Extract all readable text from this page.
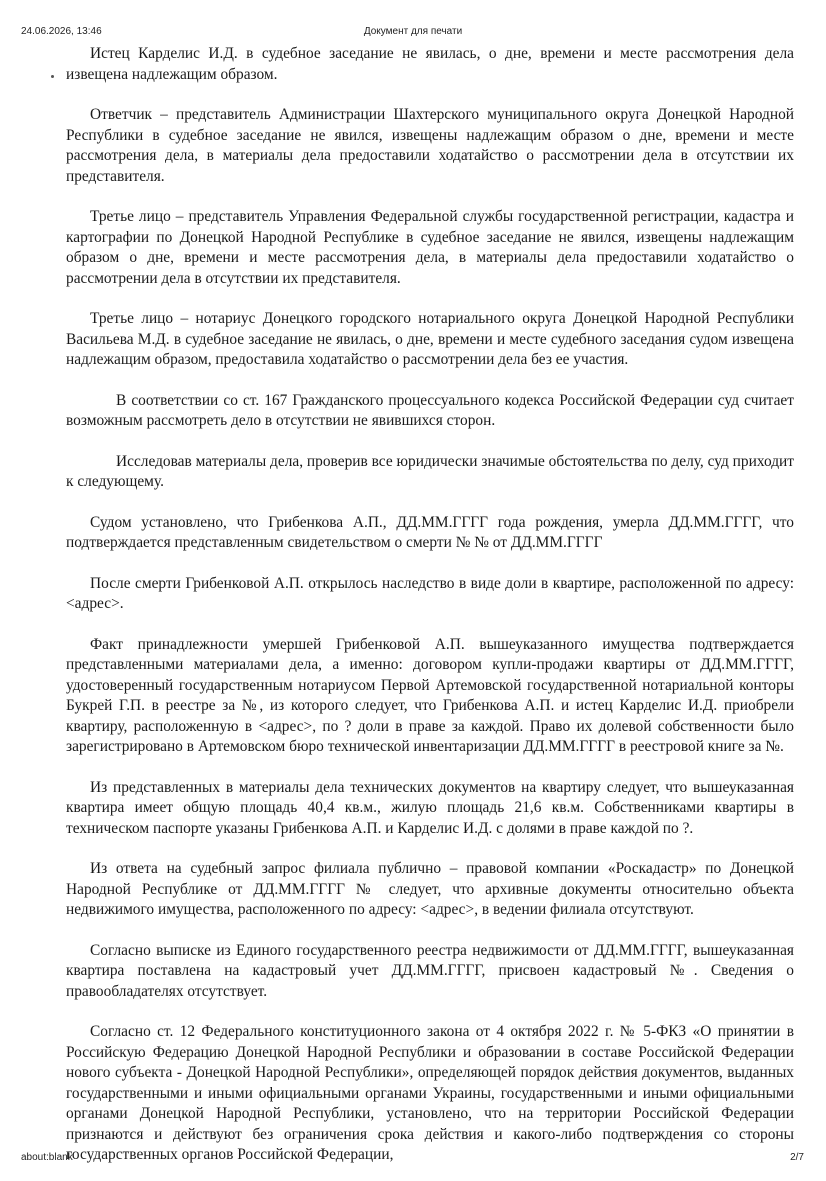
24.06.2026, 13:46	Документ для печати

Истец Карделис И.Д. в судебное заседание не явилась, о дне, времени и месте рассмотрения дела извещена надлежащим образом.

Ответчик – представитель Администрации Шахтерского муниципального округа Донецкой Народной Республики в судебное заседание не явился, извещены надлежащим образом о дне, времени и месте рассмотрения дела, в материалы дела предоставили ходатайство о рассмотрении дела в отсутствии их представителя.

Третье лицо – представитель Управления Федеральной службы государственной регистрации, кадастра и картографии по Донецкой Народной Республике в судебное заседание не явился, извещены надлежащим образом о дне, времени и месте рассмотрения дела, в материалы дела предоставили ходатайство о рассмотрении дела в отсутствии их представителя.

Третье лицо – нотариус Донецкого городского нотариального округа Донецкой Народной Республики Васильева М.Д. в судебное заседание не явилась, о дне, времени и месте судебного заседания судом извещена надлежащим образом, предоставила ходатайство о рассмотрении дела без ее участия.

В соответствии со ст. 167 Гражданского процессуального кодекса Российской Федерации суд считает возможным рассмотреть дело в отсутствии не явившихся сторон.

Исследовав материалы дела, проверив все юридически значимые обстоятельства по делу, суд приходит к следующему.

Судом установлено, что Грибенкова А.П., ДД.ММ.ГГГГ года рождения, умерла ДД.ММ.ГГГГ, что подтверждается представленным свидетельством о смерти № № от ДД.ММ.ГГГГ

После смерти Грибенковой А.П. открылось наследство в виде доли в квартире, расположенной по адресу: <адрес>.

Факт принадлежности умершей Грибенковой А.П. вышеуказанного имущества подтверждается представленными материалами дела, а именно: договором купли-продажи квартиры от ДД.ММ.ГГГГ, удостоверенный государственным нотариусом Первой Артемовской государственной нотариальной конторы Букрей Г.П. в реестре за №, из которого следует, что Грибенкова А.П. и истец Карделис И.Д. приобрели квартиру, расположенную в <адрес>, по ? доли в праве за каждой. Право их долевой собственности было зарегистрировано в Артемовском бюро технической инвентаризации ДД.ММ.ГГГГ в реестровой книге за №.

Из представленных в материалы дела технических документов на квартиру следует, что вышеуказанная квартира имеет общую площадь 40,4 кв.м., жилую площадь 21,6 кв.м. Собственниками квартиры в техническом паспорте указаны Грибенкова А.П. и Карделис И.Д. с долями в праве каждой по ?.

Из ответа на судебный запрос филиала публично – правовой компании «Роскадастр» по Донецкой Народной Республике от ДД.ММ.ГГГГ № следует, что архивные документы относительно объекта недвижимого имущества, расположенного по адресу: <адрес>, в ведении филиала отсутствуют.

Согласно выписке из Единого государственного реестра недвижимости от ДД.ММ.ГГГГ, вышеуказанная квартира поставлена на кадастровый учет ДД.ММ.ГГГГ, присвоен кадастровый №. Сведения о правообладателях отсутствует.

Согласно ст. 12 Федерального конституционного закона от 4 октября 2022 г. № 5-ФКЗ «О принятии в Российскую Федерацию Донецкой Народной Республики и образовании в составе Российской Федерации нового субъекта - Донецкой Народной Республики», определяющей порядок действия документов, выданных государственными и иными официальными органами Украины, государственными и иными официальными органами Донецкой Народной Республики, установлено, что на территории Российской Федерации признаются и действуют без ограничения срока действия и какого-либо подтверждения со стороны государственных органов Российской Федерации,

about:blank	2/7
